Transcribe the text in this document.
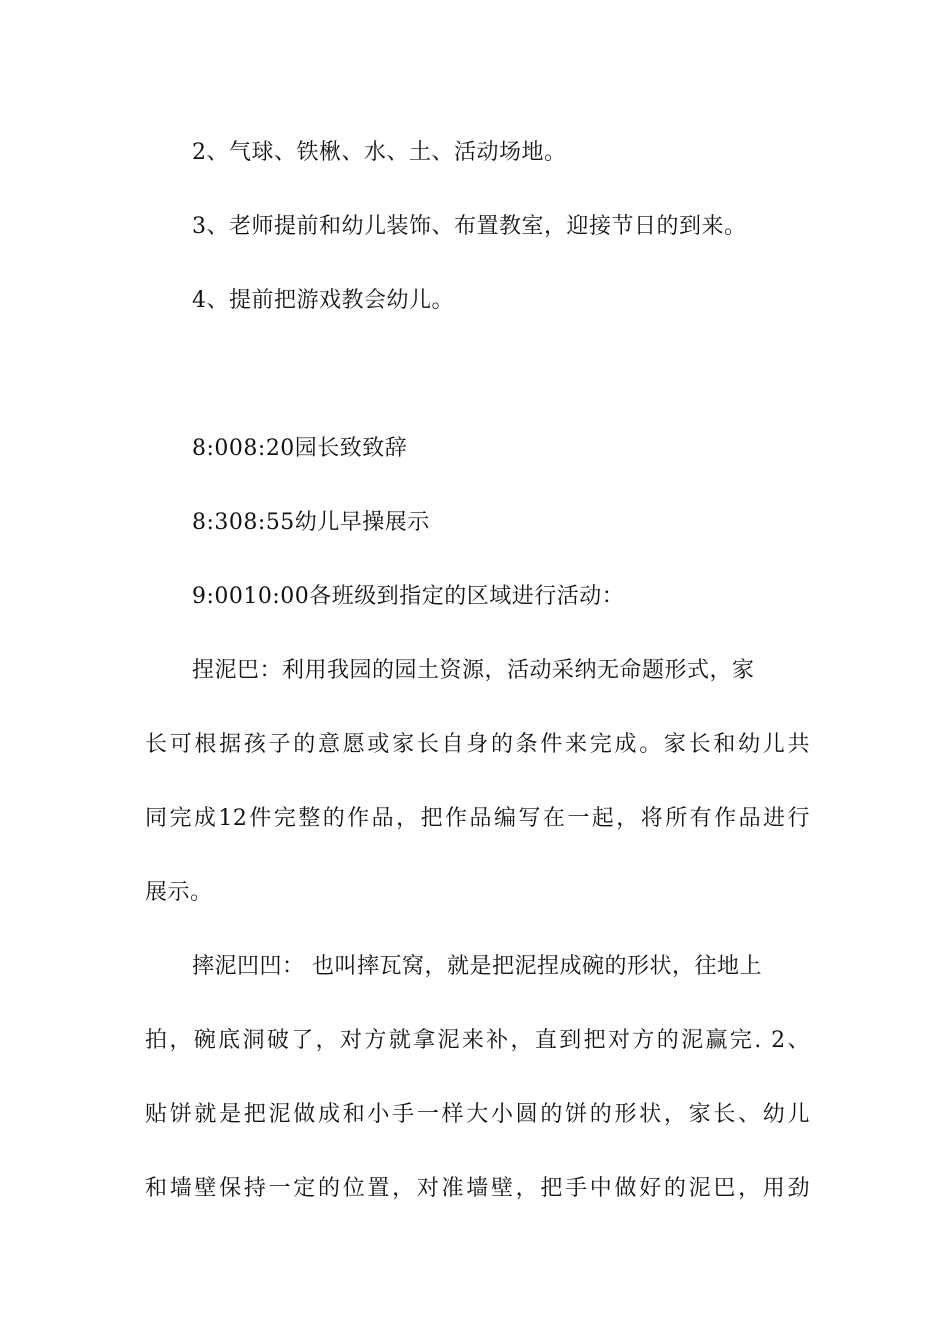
2、气球、铁楸、水、土、活动场地。
3、老师提前和幼儿装饰、布置教室，迎接节日的到来。
4、提前把游戏教会幼儿。
8:008:20园长致致辞
8:308:55幼儿早操展示
9:0010:00各班级到指定的区域进行活动：
捏泥巴：利用我园的园土资源，活动采纳无命题形式，家
长可根据孩子的意愿或家长自身的条件来完成。家长和幼儿共
同完成12件完整的作品，把作品编写在一起，将所有作品进行
展示。
摔泥凹凹： 也叫摔瓦窝，就是把泥捏成碗的形状，往地上
拍，碗底洞破了，对方就拿泥来补，直到把对方的泥赢完. 2、
贴饼就是把泥做成和小手一样大小圆的饼的形状，家长、幼儿
和墙壁保持一定的位置，对准墙壁，把手中做好的泥巴，用劲
